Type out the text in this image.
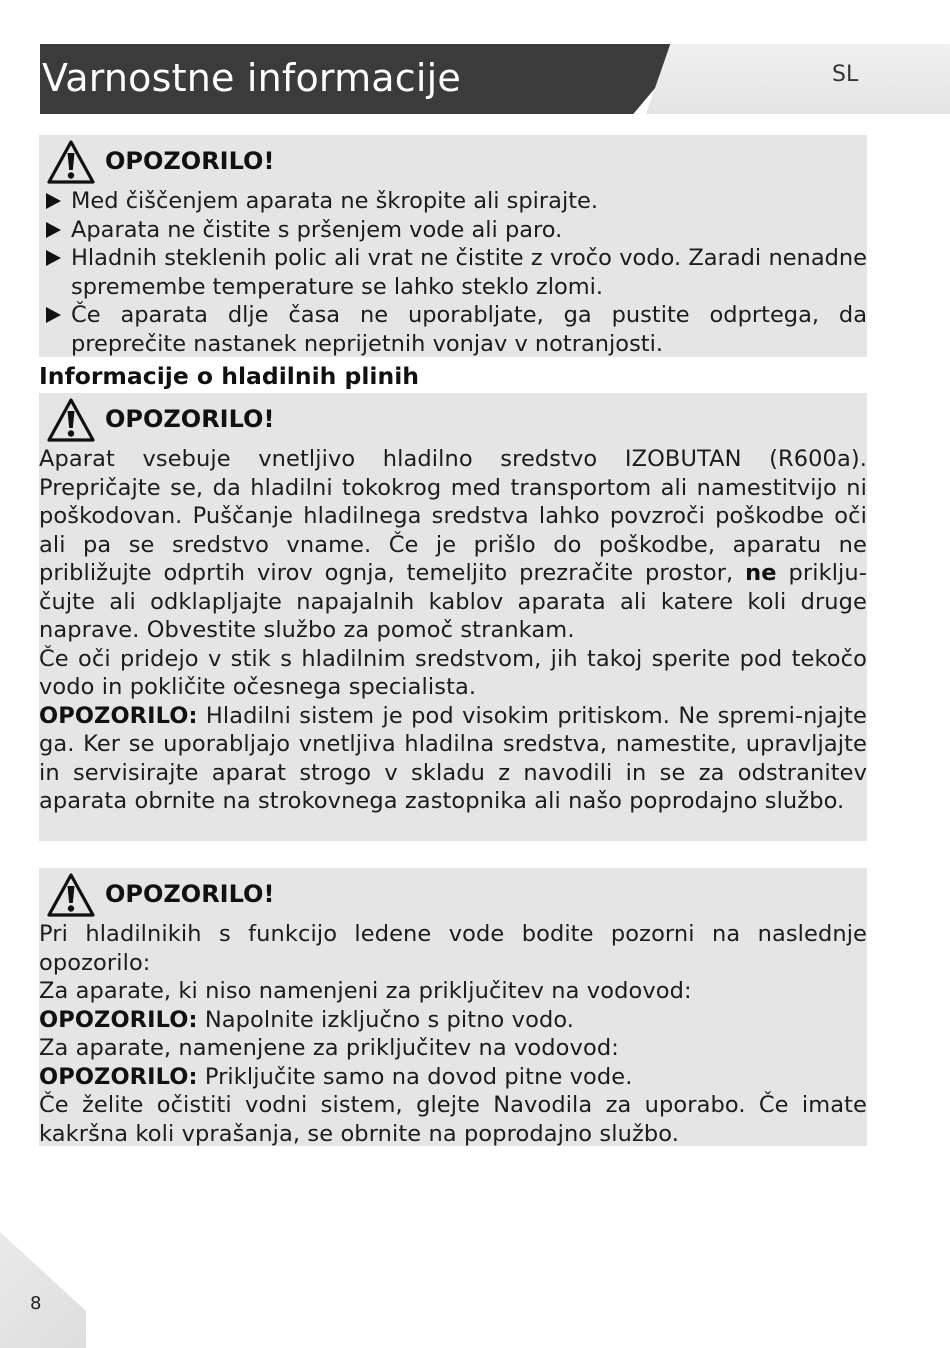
Varnostne informacije	SL
OPOZORILO!
Med čiščenjem aparata ne škropite ali spirajte.
Aparata ne čistite s pršenjem vode ali paro.
Hladnih steklenih polic ali vrat ne čistite z vročo vodo. Zaradi nenadne spremembe temperature se lahko steklo zlomi.
Če aparata dlje časa ne uporabljate, ga pustite odprtega, da preprečite nastanek neprijetnih vonjav v notranjosti.
Informacije o hladilnih plinih
OPOZORILO!

Aparat vsebuje vnetljivo hladilno sredstvo IZOBUTAN (R600a). Prepričajte se, da hladilni tokokrog med transportom ali namestitvijo ni poškodovan. Puščanje hladilnega sredstva lahko povzroči poškodbe oči ali pa se sredstvo vname. Če je prišlo do poškodbe, aparatu ne približujte odprtih virov ognja, temeljito prezračite prostor, ne priklju-čujte ali odklapljajte napajalnih kablov aparata ali katere koli druge naprave. Obvestite službo za pomoč strankam.

Če oči pridejo v stik s hladilnim sredstvom, jih takoj sperite pod tekočo vodo in pokličite očesnega specialista.

OPOZORILO: Hladilni sistem je pod visokim pritiskom. Ne spremi-njajte ga. Ker se uporabljajo vnetljiva hladilna sredstva, namestite, upravljajte in servisirajte aparat strogo v skladu z navodili in se za odstranitev aparata obrnite na strokovnega zastopnika ali našo poprodajno službo.

OPOZORILO!

Pri hladilnikih s funkcijo ledene vode bodite pozorni na naslednje opozorilo:

Za aparate, ki niso namenjeni za priključitev na vodovod:

OPOZORILO: Napolnite izključno s pitno vodo.

Za aparate, namenjene za priključitev na vodovod:

OPOZORILO: Priključite samo na dovod pitne vode.

Če želite očistiti vodni sistem, glejte Navodila za uporabo. Če imate kakršna koli vprašanja, se obrnite na poprodajno službo.

8
